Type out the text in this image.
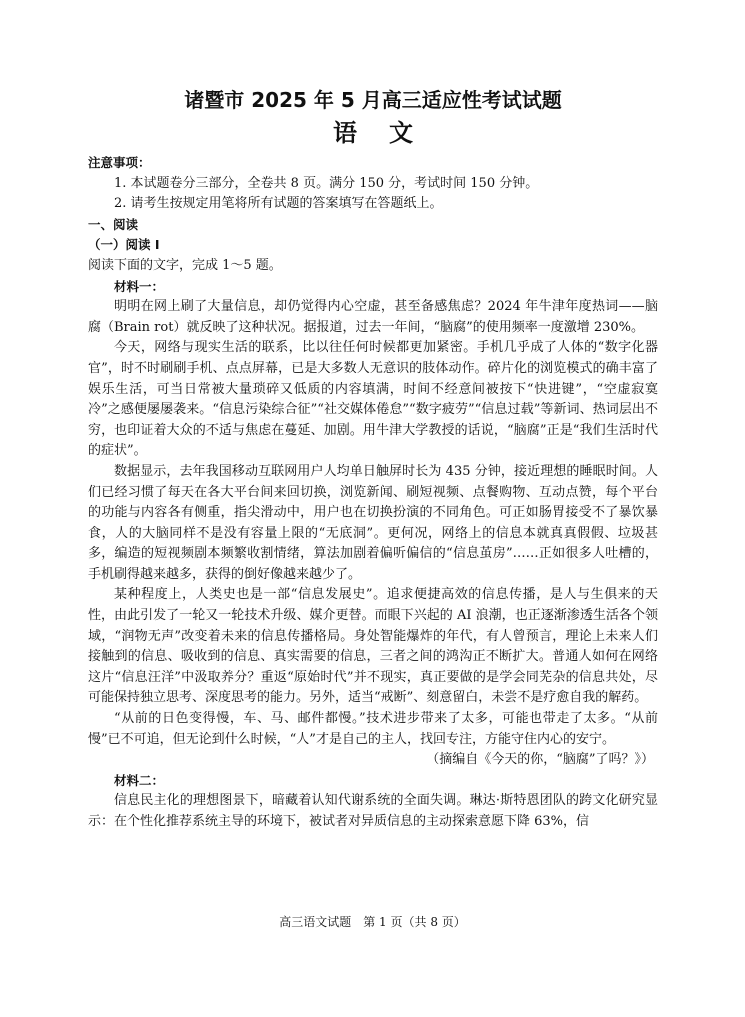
诸暨市 2025 年 5 月高三适应性考试试题
语文

注意事项：

1. 本试题卷分三部分，全卷共 8 页。满分 150 分，考试时间 150 分钟。

2. 请考生按规定用笔将所有试题的答案填写在答题纸上。

一、阅读

（一）阅读 I

阅读下面的文字，完成 1～5 题。

材料一：

明明在网上刷了大量信息，却仍觉得内心空虚，甚至备感焦虑？2024 年牛津年度热词——脑腐（Brain rot）就反映了这种状况。据报道，过去一年间，“脑腐”的使用频率一度激增 230%。

今天，网络与现实生活的联系，比以往任何时候都更加紧密。手机几乎成了人体的“数字化器官”，时不时刷刷手机、点点屏幕，已是大多数人无意识的肢体动作。碎片化的浏览模式的确丰富了娱乐生活，可当日常被大量琐碎又低质的内容填满，时间不经意间被按下“快进键”，“空虚寂寞冷”之感便屡屡袭来。“信息污染综合征”“社交媒体倦怠”“数字疲劳”“信息过载”等新词、热词层出不穷，也印证着大众的不适与焦虑在蔓延、加剧。用牛津大学教授的话说，“脑腐”正是“我们生活时代的症状”。

数据显示，去年我国移动互联网用户人均单日触屏时长为 435 分钟，接近理想的睡眠时间。人们已经习惯了每天在各大平台间来回切换，浏览新闻、刷短视频、点餐购物、互动点赞，每个平台的功能与内容各有侧重，指尖滑动中，用户也在切换扮演的不同角色。可正如肠胃接受不了暴饮暴食，人的大脑同样不是没有容量上限的“无底洞”。更何况，网络上的信息本就真真假假、垃圾甚多，编造的短视频剧本频繁收割情绪，算法加剧着偏听偏信的“信息茧房”……正如很多人吐槽的，手机刷得越来越多，获得的倒好像越来越少了。

某种程度上，人类史也是一部“信息发展史”。追求便捷高效的信息传播，是人与生俱来的天性，由此引发了一轮又一轮技术升级、媒介更替。而眼下兴起的 AI 浪潮，也正逐渐渗透生活各个领域，“润物无声”改变着未来的信息传播格局。身处智能爆炸的年代，有人曾预言，理论上未来人们接触到的信息、吸收到的信息、真实需要的信息，三者之间的鸿沟正不断扩大。普通人如何在网络这片“信息汪洋”中汲取养分？重返“原始时代”并不现实，真正要做的是学会同芜杂的信息共处，尽可能保持独立思考、深度思考的能力。另外，适当“戒断”、刻意留白，未尝不是疗愈自我的解药。

“从前的日色变得慢，车、马、邮件都慢。”技术进步带来了太多，可能也带走了太多。“从前慢”已不可追，但无论到什么时候，“人”才是自己的主人，找回专注，方能守住内心的安宁。

（摘编自《今天的你，“脑腐”了吗？》）

材料二：

信息民主化的理想图景下，暗藏着认知代谢系统的全面失调。琳达·斯特恩团队的跨文化研究显示：在个性化推荐系统主导的环境下，被试者对异质信息的主动探索意愿下降 63%，信

高三语文试题　第 1 页（共 8 页）
